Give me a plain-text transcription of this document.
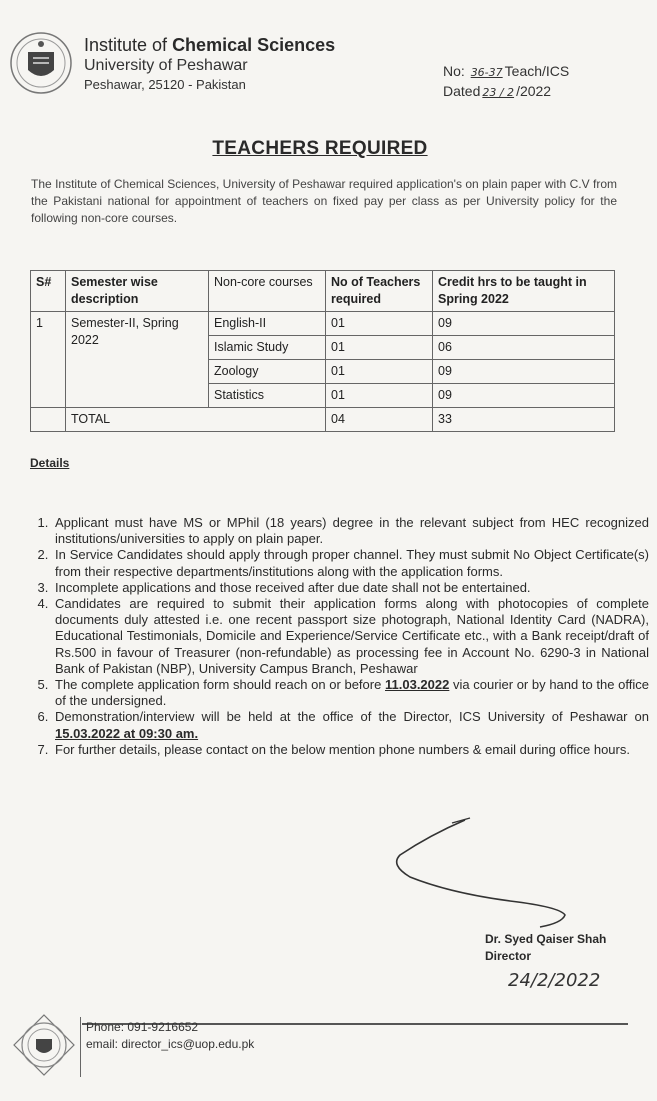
Institute of Chemical Sciences
University of Peshawar
Peshawar, 25120 - Pakistan
No: 36-37 Teach/ICS
Dated 23 / 2 /2022
TEACHERS REQUIRED
The Institute of Chemical Sciences, University of Peshawar required application's on plain paper with C.V from the Pakistani national for appointment of teachers on fixed pay per class as per University policy for the following non-core courses.
S#	Semester wise description	Non-core courses	No of Teachers required	Credit hrs to be taught in Spring 2022
1	Semester-II, Spring 2022	English-II	01	09
		Islamic Study	01	06
		Zoology	01	09
		Statistics	01	09
	TOTAL		04	33
Details
1. Applicant must have MS or MPhil (18 years) degree in the relevant subject from HEC recognized institutions/universities to apply on plain paper.
2. In Service Candidates should apply through proper channel. They must submit No Object Certificate(s) from their respective departments/institutions along with the application forms.
3. Incomplete applications and those received after due date shall not be entertained.
4. Candidates are required to submit their application forms along with photocopies of complete documents duly attested i.e. one recent passport size photograph, National Identity Card (NADRA), Educational Testimonials, Domicile and Experience/Service Certificate etc., with a Bank receipt/draft of Rs.500 in favour of Treasurer (non-refundable) as processing fee in Account No. 6290-3 in National Bank of Pakistan (NBP), University Campus Branch, Peshawar
5. The complete application form should reach on or before 11.03.2022 via courier or by hand to the office of the undersigned.
6. Demonstration/interview will be held at the office of the Director, ICS University of Peshawar on 15.03.2022 at 09:30 am.
7. For further details, please contact on the below mention phone numbers & email during office hours.
Dr. Syed Qaiser Shah
Director
24/2/2022
Phone: 091-9216652
email: director_ics@uop.edu.pk
